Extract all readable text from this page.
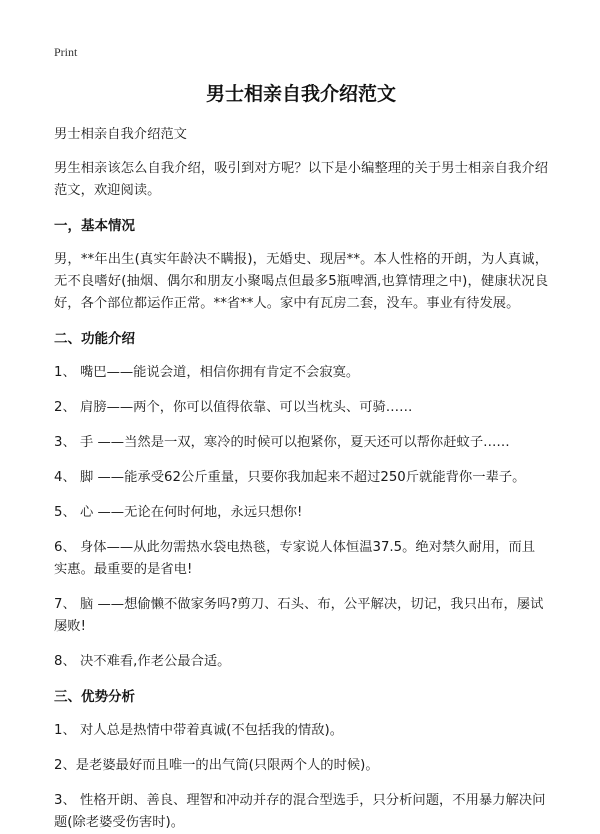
Print
男士相亲自我介绍范文
男士相亲自我介绍范文
男生相亲该怎么自我介绍，吸引到对方呢？以下是小编整理的关于男士相亲自我介绍范文，欢迎阅读。
一，基本情况
男，**年出生(真实年龄决不瞒报)，无婚史、现居**。本人性格的开朗，为人真诚，无不良嗜好(抽烟、偶尔和朋友小聚喝点但最多5瓶啤酒,也算情理之中)，健康状况良好，各个部位都运作正常。**省**人。家中有瓦房二套，没车。事业有待发展。
二、功能介绍
1、 嘴巴——能说会道，相信你拥有肯定不会寂寞。
2、 肩膀——两个，你可以值得依靠、可以当枕头、可骑……
3、 手 ——当然是一双，寒冷的时候可以抱紧你，夏天还可以帮你赶蚊子……
4、 脚 ——能承受62公斤重量，只要你我加起来不超过250斤就能背你一辈子。
5、 心 ——无论在何时何地，永远只想你!
6、 身体——从此勿需热水袋电热毯，专家说人体恒温37.5。绝对禁久耐用，而且实惠。最重要的是省电!
7、 脑 ——想偷懒不做家务吗?剪刀、石头、布，公平解决，切记，我只出布，屡试屡败!
8、 决不难看,作老公最合适。
三、优势分析
1、 对人总是热情中带着真诚(不包括我的情敌)。
2、是老婆最好而且唯一的出气筒(只限两个人的时候)。
3、 性格开朗、善良、理智和冲动并存的混合型选手，只分析问题，不用暴力解决问题(除老婆受伤害时)。
